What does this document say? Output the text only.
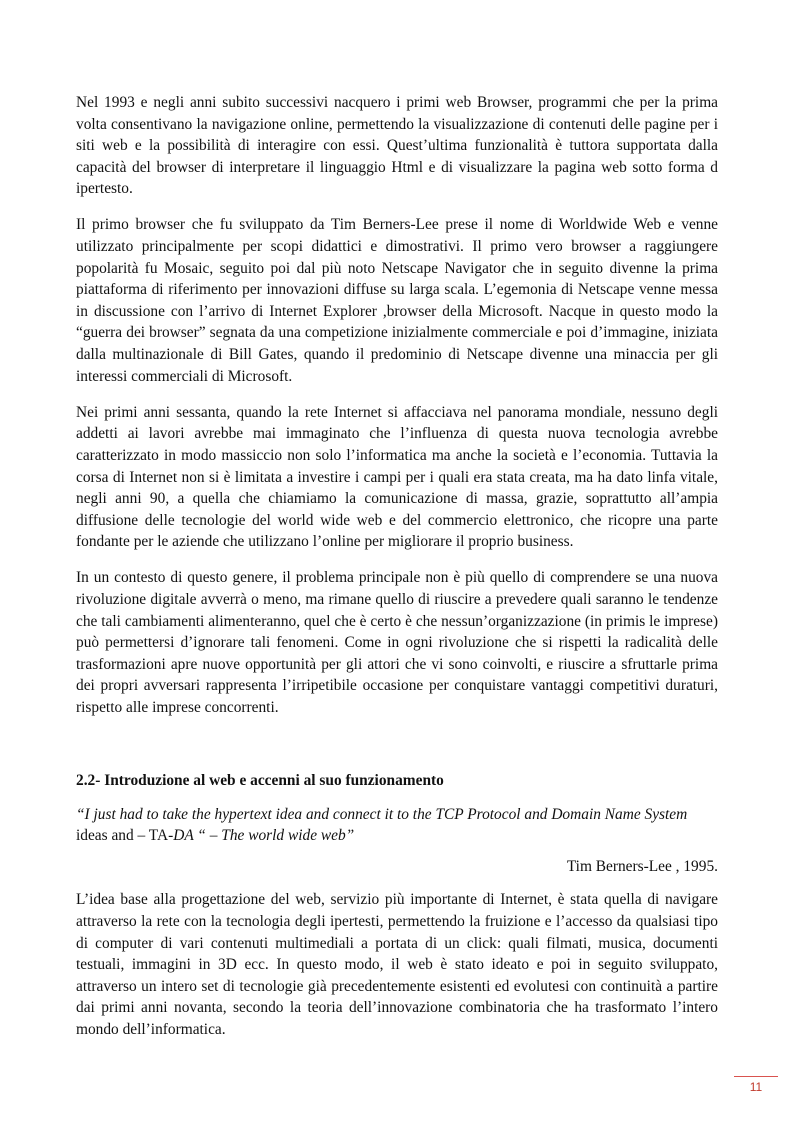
Nel 1993 e negli anni subito successivi nacquero i primi web Browser, programmi che per la prima volta consentivano la navigazione online, permettendo la visualizzazione di contenuti delle pagine per i siti web e la possibilità di interagire con essi. Quest’ultima funzionalità è tuttora supportata dalla capacità del browser di interpretare il linguaggio Html e di visualizzare la pagina web sotto forma d ipertesto.

Il primo browser che fu sviluppato da Tim Berners-Lee prese il nome di Worldwide Web e venne utilizzato principalmente per scopi didattici e dimostrativi. Il primo vero browser a raggiungere popolarità fu Mosaic, seguito poi dal più noto Netscape Navigator che in seguito divenne la prima piattaforma di riferimento per innovazioni diffuse su larga scala. L’egemonia di Netscape venne messa in discussione con l’arrivo di Internet Explorer ,browser della Microsoft. Nacque in questo modo la “guerra dei browser” segnata da una competizione inizialmente commerciale e poi d’immagine, iniziata dalla multinazionale di Bill Gates, quando il predominio di Netscape divenne una minaccia per gli interessi commerciali di Microsoft.

Nei primi anni sessanta, quando la rete Internet si affacciava nel panorama mondiale, nessuno degli addetti ai lavori avrebbe mai immaginato che l’influenza di questa nuova tecnologia avrebbe caratterizzato in modo massiccio non solo l’informatica ma anche la società e l’economia. Tuttavia la corsa di Internet non si è limitata a investire i campi per i quali era stata creata, ma ha dato linfa vitale, negli anni 90, a quella che chiamiamo la comunicazione di massa, grazie, soprattutto all’ampia diffusione delle tecnologie del world wide web e del commercio elettronico, che ricopre una parte fondante per le aziende che utilizzano l’online per migliorare il proprio business.

In un contesto di questo genere, il problema principale non è più quello di comprendere se una nuova rivoluzione digitale avverrà o meno, ma rimane quello di riuscire a prevedere quali saranno le tendenze che tali cambiamenti alimenteranno, quel che è certo è che nessun’organizzazione (in primis le imprese) può permettersi d’ignorare tali fenomeni. Come in ogni rivoluzione che si rispetti la radicalità delle trasformazioni apre nuove opportunità per gli attori che vi sono coinvolti, e riuscire a sfruttarle prima dei propri avversari rappresenta l’irripetibile occasione per conquistare vantaggi competitivi duraturi, rispetto alle imprese concorrenti.

2.2- Introduzione al web e accenni al suo funzionamento

“I just had to take the hypertext idea and connect it to the TCP Protocol and Domain Name System ideas and – TA-DA “ – The world wide web”

Tim Berners-Lee , 1995.

L’idea base alla progettazione del web, servizio più importante di Internet, è stata quella di navigare attraverso la rete con la tecnologia degli ipertesti, permettendo la fruizione e l’accesso da qualsiasi tipo di computer di vari contenuti multimediali a portata di un click: quali filmati, musica, documenti testuali, immagini in 3D ecc. In questo modo, il web è stato ideato e poi in seguito sviluppato, attraverso un intero set di tecnologie già precedentemente esistenti ed evolutesi con continuità a partire dai primi anni novanta, secondo la teoria dell’innovazione combinatoria che ha trasformato l’intero mondo dell’informatica.

11
